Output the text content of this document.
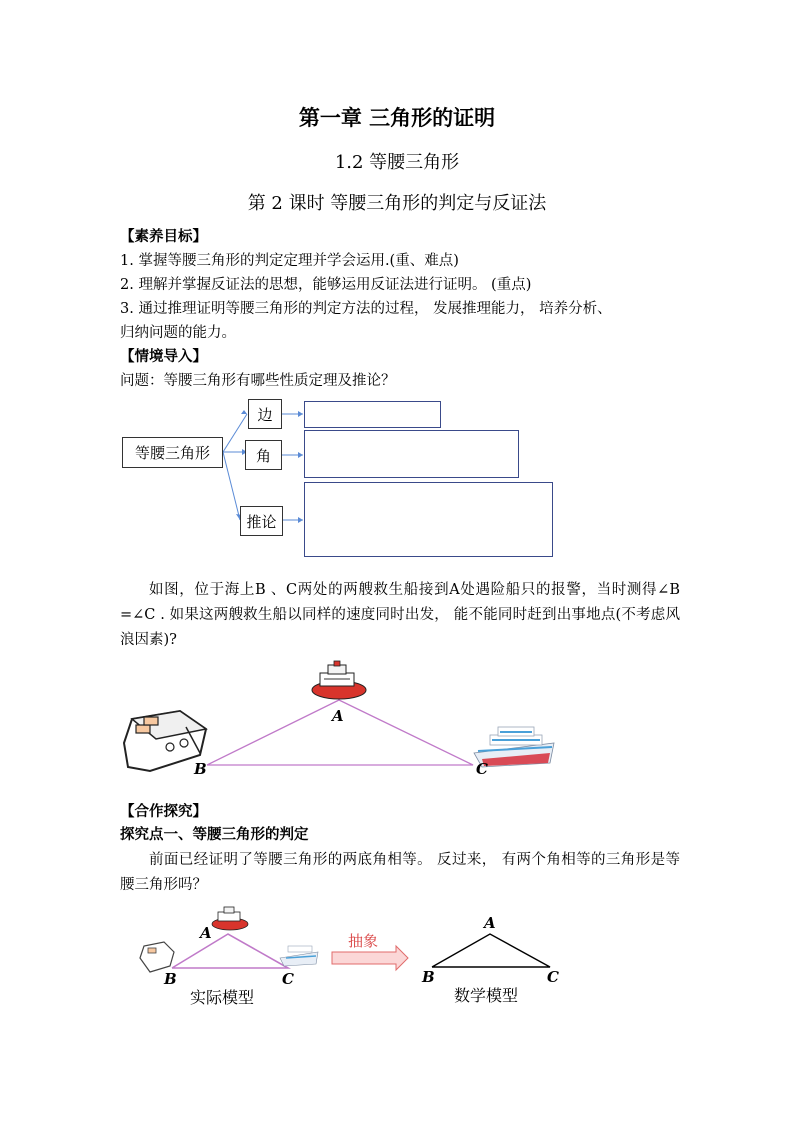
第一章 三角形的证明
1.2 等腰三角形
第 2 课时 等腰三角形的判定与反证法
【素养目标】
1. 掌握等腰三角形的判定定理并学会运用.(重、难点)
2. 理解并掌握反证法的思想，能够运用反证法进行证明。 (重点)
3. 通过推理证明等腰三角形的判定方法的过程， 发展推理能力， 培养分析、
归纳问题的能力。
【情境导入】
问题：等腰三角形有哪些性质定理及推论？
等腰三角形
边
角
推论
如图，位于海上B 、C两处的两艘救生船接到A处遇险船只的报警，当时测得∠B =∠C . 如果这两艘救生船以同样的速度同时出发， 能不能同时赶到出事地点(不考虑风浪因素)?
A
B	C
【合作探究】
探究点一、等腰三角形的判定
前面已经证明了等腰三角形的两底角相等。 反过来， 有两个角相等的三角形是等腰三角形吗？
A
B	C
实际模型
抽象
A
B	C
数学模型
